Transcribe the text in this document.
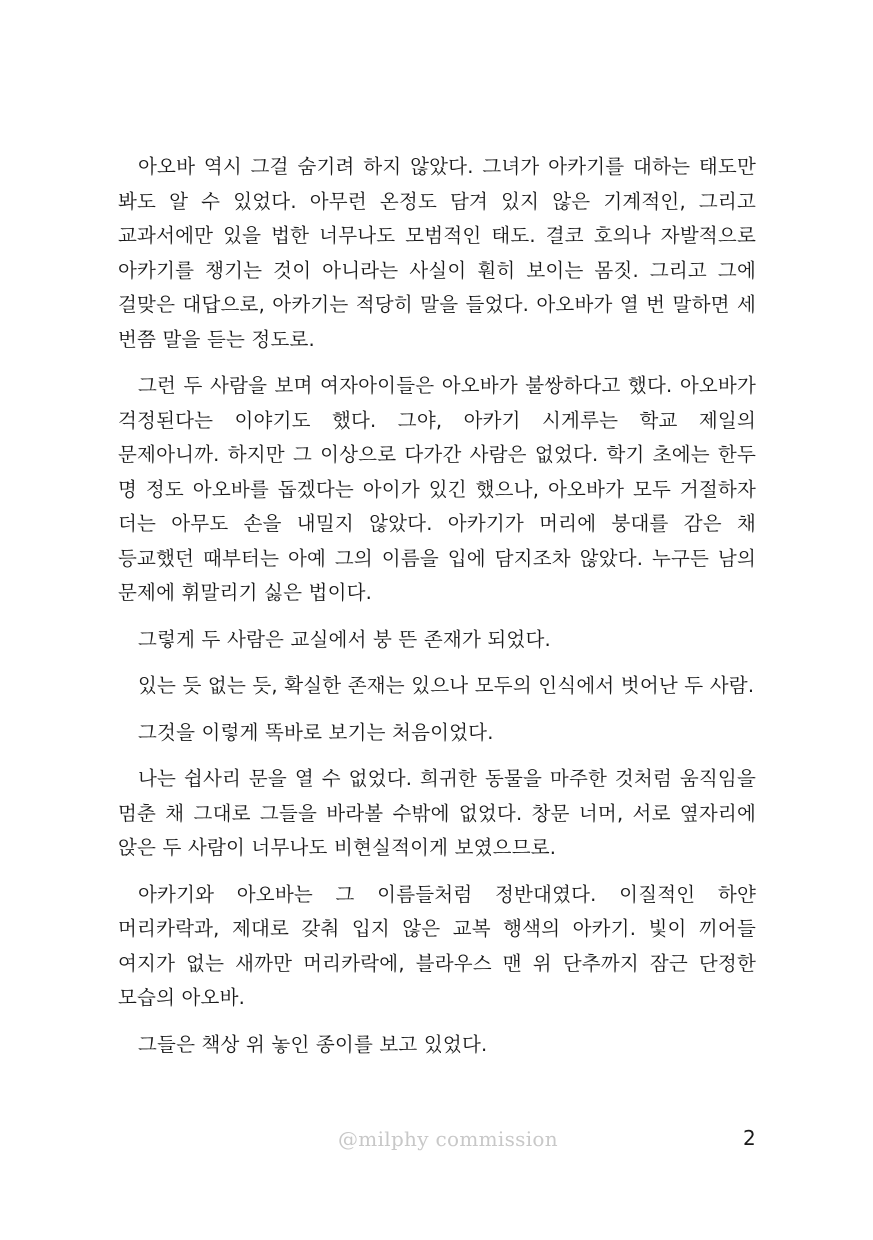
아오바 역시 그걸 숨기려 하지 않았다. 그녀가 아카기를 대하는 태도만 봐도 알 수 있었다. 아무런 온정도 담겨 있지 않은 기계적인, 그리고 교과서에만 있을 법한 너무나도 모범적인 태도. 결코 호의나 자발적으로 아카기를 챙기는 것이 아니라는 사실이 훤히 보이는 몸짓. 그리고 그에 걸맞은 대답으로, 아카기는 적당히 말을 들었다. 아오바가 열 번 말하면 세 번쯤 말을 듣는 정도로.

그런 두 사람을 보며 여자아이들은 아오바가 불쌍하다고 했다. 아오바가 걱정된다는 이야기도 했다. 그야, 아카기 시게루는 학교 제일의 문제아니까. 하지만 그 이상으로 다가간 사람은 없었다. 학기 초에는 한두 명 정도 아오바를 돕겠다는 아이가 있긴 했으나, 아오바가 모두 거절하자 더는 아무도 손을 내밀지 않았다. 아카기가 머리에 붕대를 감은 채 등교했던 때부터는 아예 그의 이름을 입에 담지조차 않았다. 누구든 남의 문제에 휘말리기 싫은 법이다.

그렇게 두 사람은 교실에서 붕 뜬 존재가 되었다.

있는 듯 없는 듯, 확실한 존재는 있으나 모두의 인식에서 벗어난 두 사람.

그것을 이렇게 똑바로 보기는 처음이었다.

나는 쉽사리 문을 열 수 없었다. 희귀한 동물을 마주한 것처럼 움직임을 멈춘 채 그대로 그들을 바라볼 수밖에 없었다. 창문 너머, 서로 옆자리에 앉은 두 사람이 너무나도 비현실적이게 보였으므로.

아카기와 아오바는 그 이름들처럼 정반대였다. 이질적인 하얀 머리카락과, 제대로 갖춰 입지 않은 교복 행색의 아카기. 빛이 끼어들 여지가 없는 새까만 머리카락에, 블라우스 맨 위 단추까지 잠근 단정한 모습의 아오바.

그들은 책상 위 놓인 종이를 보고 있었다.

@milphy commission	2
